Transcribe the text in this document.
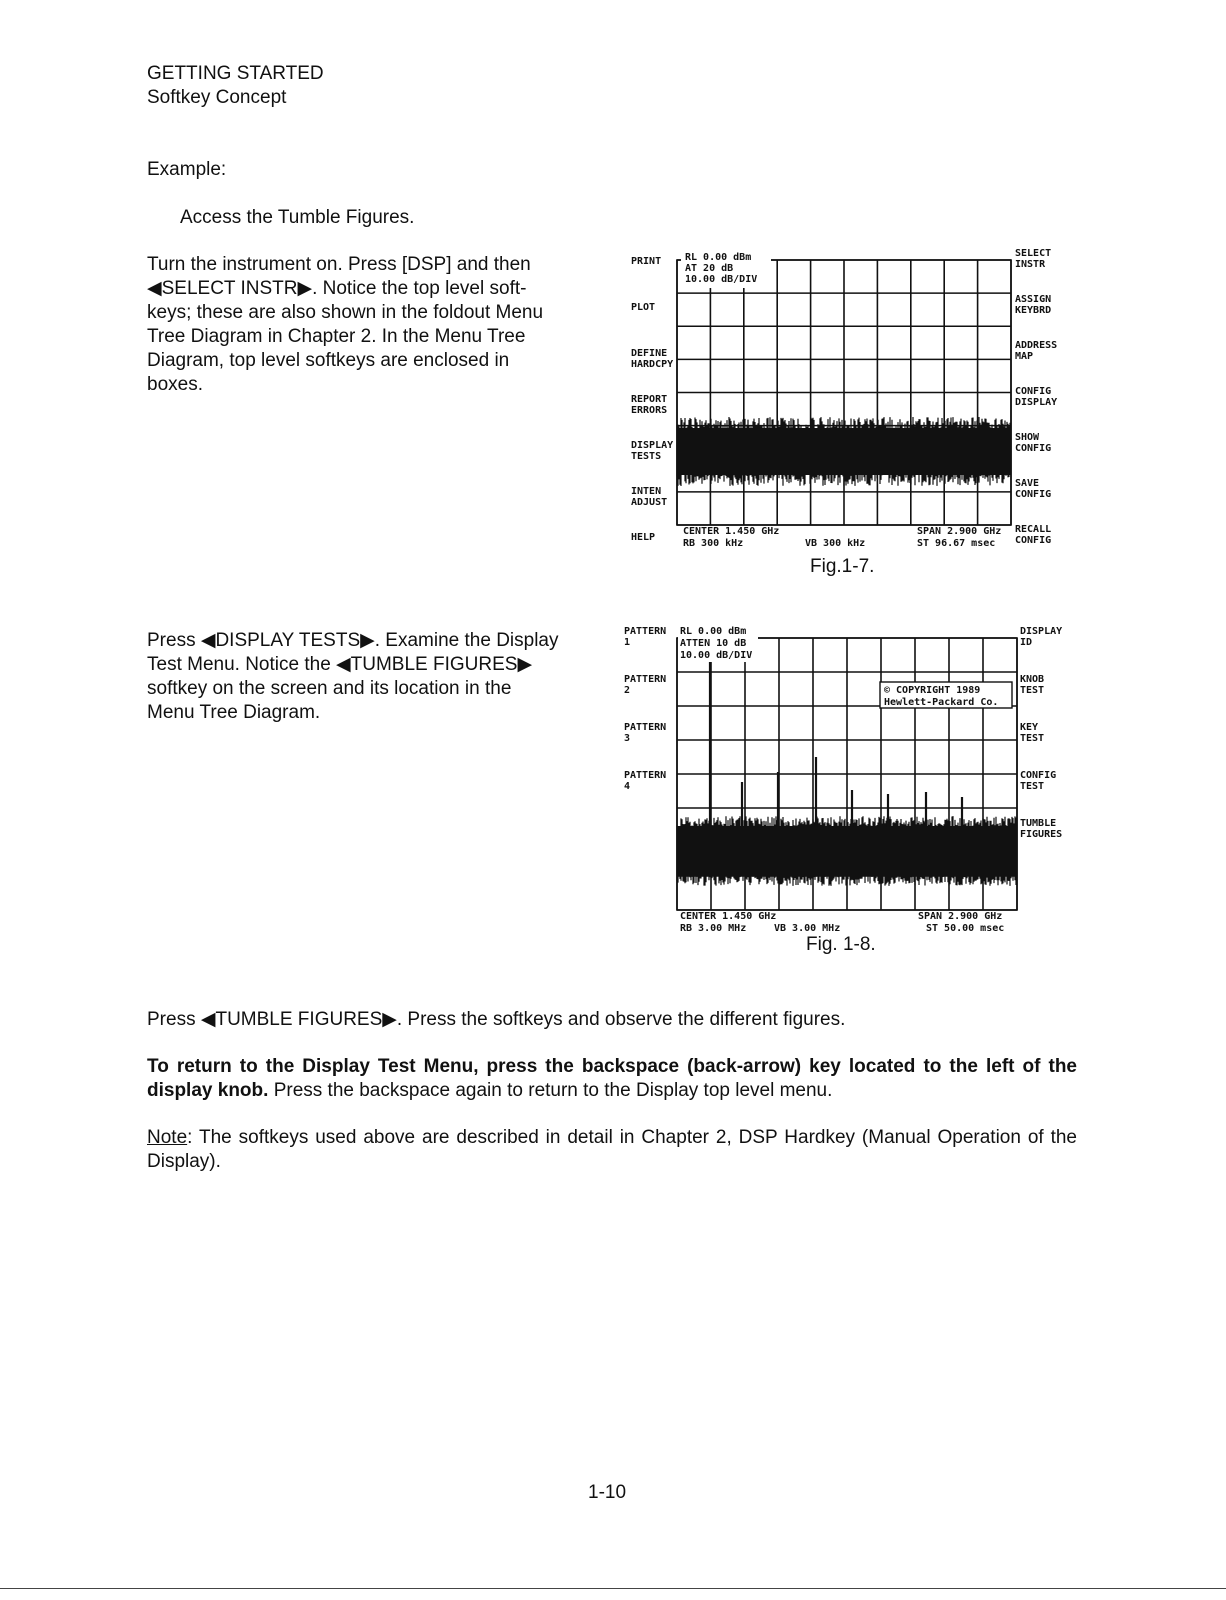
GETTING STARTED
Softkey Concept
Example:
Access the Tumble Figures.
Turn the instrument on. Press [DSP] and then
◀SELECT INSTR▶. Notice the top level soft-
keys; these are also shown in the foldout Menu
Tree Diagram in Chapter 2. In the Menu Tree
Diagram, top level softkeys are enclosed in
boxes.
PRINT
PLOT
DEFINE
HARDCPY
REPORT
ERRORS
DISPLAY
TESTS
INTEN
ADJUST
HELP
SELECT
INSTR
ASSIGN
KEYBRD
ADDRESS
MAP
CONFIG
DISPLAY
SHOW
CONFIG
SAVE
CONFIG
RECALL
CONFIG
CENTER 1.450 GHz
RB 300 kHz	VB 300 kHz
SPAN 2.900 GHz
ST 96.67 msec
RL 0.00 dBm
AT 20 dB
10.00 dB/DIV
Fig.1-7.
Press ◀DISPLAY TESTS▶. Examine the Display
Test Menu. Notice the ◀TUMBLE FIGURES▶
softkey on the screen and its location in the
Menu Tree Diagram.
PATTERN
1
PATTERN
2
PATTERN
3
PATTERN
4
DISPLAY
ID
KNOB
TEST
KEY
TEST
CONFIG
TEST
TUMBLE
FIGURES
© COPYRIGHT 1989
Hewlett-Packard Co.
CENTER 1.450 GHz
RB 3.00 MHz	VB 3.00 MHz
SPAN 2.900 GHz
ST 50.00 msec
RL 0.00 dBm
ATTEN 10 dB
10.00 dB/DIV
Fig. 1-8.
Press ◀TUMBLE FIGURES▶. Press the softkeys and observe the different figures.
To return to the Display Test Menu, press the backspace (back-arrow) key located to the left of the display knob. Press the backspace again to return to the Display top level menu.
Note: The softkeys used above are described in detail in Chapter 2, DSP Hardkey (Manual Operation of the Display).
1-10
